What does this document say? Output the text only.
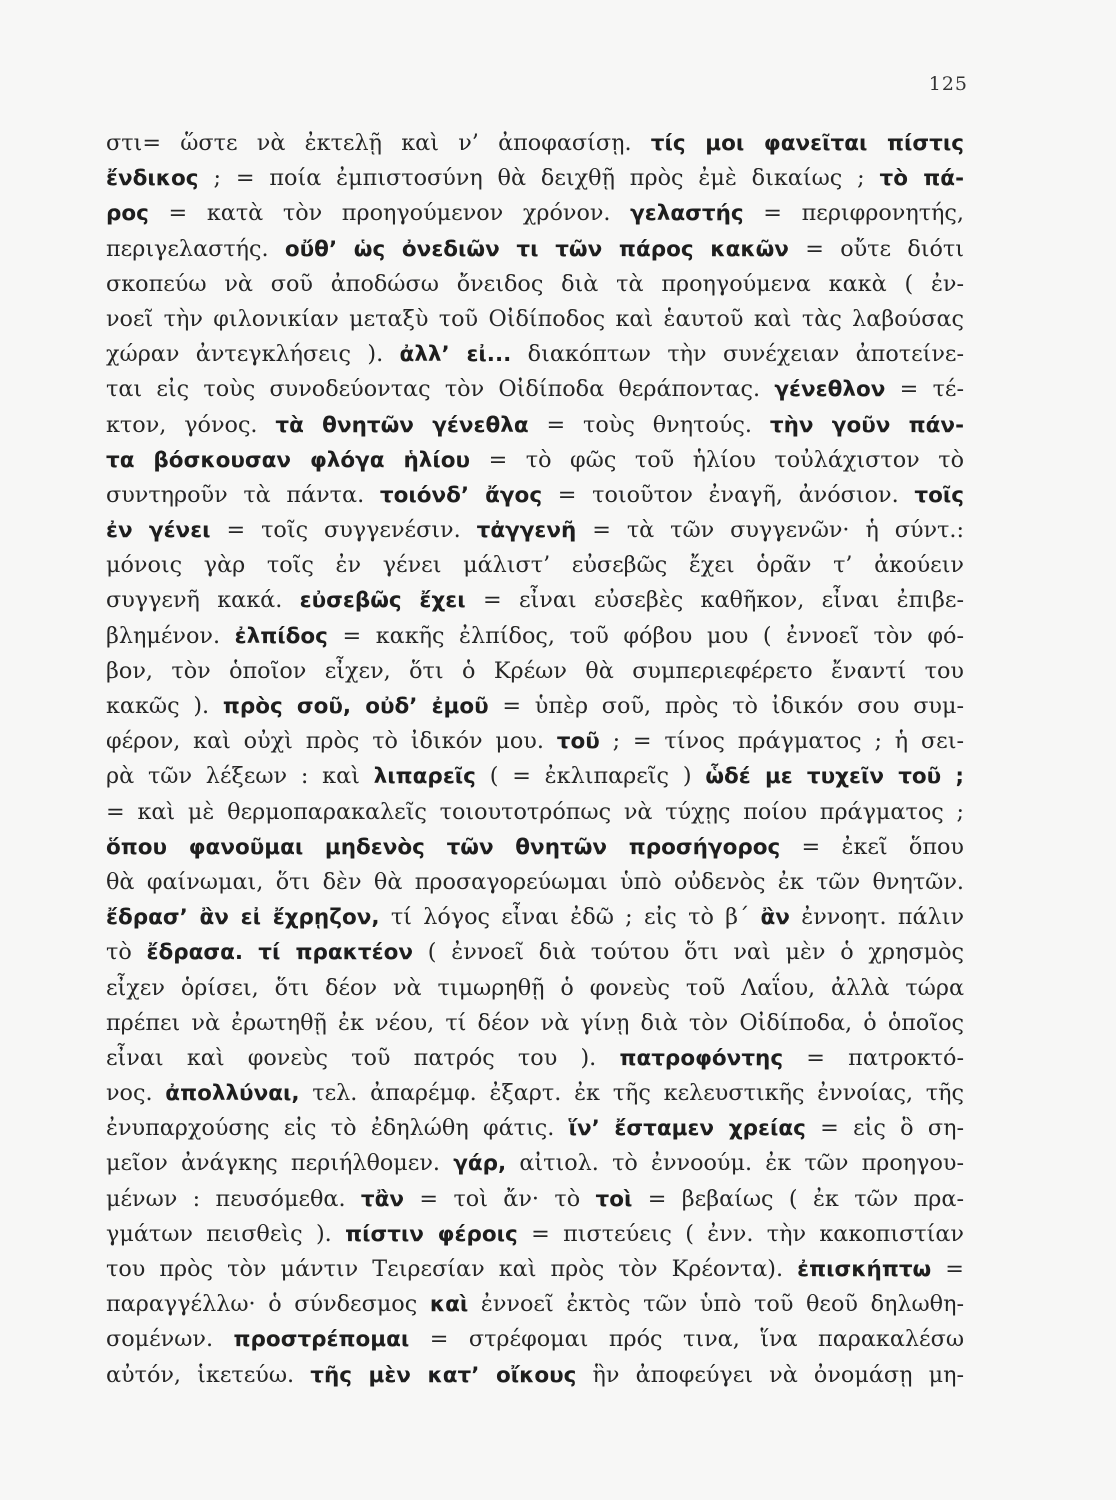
125
στι= ὥστε νὰ ἐκτελῇ καὶ ν’ ἀποφασίσῃ. τίς μοι φανεῖται πίστις
ἔνδικος ; = ποία ἐμπιστοσύνη θὰ δειχθῇ πρὸς ἐμὲ δικαίως ; τὸ πά-
ρος = κατὰ τὸν προηγούμενον χρόνον. γελαστής = περιφρονητής,
περιγελαστής. οὔθ’ ὡς ὀνεδιῶν τι τῶν πάρος κακῶν = οὔτε διότι
σκοπεύω νὰ σοῦ ἀποδώσω ὄνειδος διὰ τὰ προηγούμενα κακὰ ( ἐν-
νοεῖ τὴν φιλονικίαν μεταξὺ τοῦ Οἰδίποδος καὶ ἑαυτοῦ καὶ τὰς λαβούσας
χώραν ἀντεγκλήσεις ). ἀλλ’ εἰ... διακόπτων τὴν συνέχειαν ἀποτείνε-
ται εἰς τοὺς συνοδεύοντας τὸν Οἰδίποδα θεράποντας. γένεθλον = τέ-
κτον, γόνος. τὰ θνητῶν γένεθλα = τοὺς θνητούς. τὴν γοῦν πάν-
τα βόσκουσαν φλόγα ἡλίου = τὸ φῶς τοῦ ἡλίου τοὐλάχιστον τὸ
συντηροῦν τὰ πάντα. τοιόνδ’ ἄγος = τοιοῦτον ἐναγῆ, ἀνόσιον. τοῖς
ἐν γένει = τοῖς συγγενέσιν. τἀγγενῆ = τὰ τῶν συγγενῶν· ἡ σύντ.:
μόνοις γὰρ τοῖς ἐν γένει μάλιστ’ εὐσεβῶς ἔχει ὁρᾶν τ’ ἀκούειν
συγγενῆ κακά. εὐσεβῶς ἔχει = εἶναι εὐσεβὲς καθῆκον, εἶναι ἐπιβε-
βλημένον. ἐλπίδος = κακῆς ἐλπίδος, τοῦ φόβου μου ( ἐννοεῖ τὸν φό-
βον, τὸν ὁποῖον εἶχεν, ὅτι ὁ Κρέων θὰ συμπεριεφέρετο ἔναντί του
κακῶς ). πρὸς σοῦ, οὐδ’ ἐμοῦ = ὑπὲρ σοῦ, πρὸς τὸ ἰδικόν σου συμ-
φέρον, καὶ οὐχὶ πρὸς τὸ ἰδικόν μου. τοῦ ; = τίνος πράγματος ; ἡ σει-
ρὰ τῶν λέξεων : καὶ λιπαρεῖς ( = ἐκλιπαρεῖς ) ὧδέ με τυχεῖν τοῦ ;
= καὶ μὲ θερμοπαρακαλεῖς τοιουτοτρόπως νὰ τύχῃς ποίου πράγματος ;
ὅπου φανοῦμαι μηδενὸς τῶν θνητῶν προσήγορος = ἐκεῖ ὅπου
θὰ φαίνωμαι, ὅτι δὲν θὰ προσαγορεύωμαι ὑπὸ οὐδενὸς ἐκ τῶν θνητῶν.
ἔδρασ’ ἂν εἰ ἔχρῃζον, τί λόγος εἶναι ἐδῶ ; εἰς τὸ β΄ ἂν ἐννοητ. πάλιν
τὸ ἔδρασα. τί πρακτέον ( ἐννοεῖ διὰ τούτου ὅτι ναὶ μὲν ὁ χρησμὸς
εἶχεν ὁρίσει, ὅτι δέον νὰ τιμωρηθῇ ὁ φονεὺς τοῦ Λαΐου, ἀλλὰ τώρα
πρέπει νὰ ἐρωτηθῇ ἐκ νέου, τί δέον νὰ γίνῃ διὰ τὸν Οἰδίποδα, ὁ ὁποῖος
εἶναι καὶ φονεὺς τοῦ πατρός του ). πατροφόντης = πατροκτό-
νος. ἀπολλύναι, τελ. ἀπαρέμφ. ἐξαρτ. ἐκ τῆς κελευστικῆς ἐννοίας, τῆς
ἐνυπαρχούσης εἰς τὸ ἐδηλώθη φάτις. ἵν’ ἔσταμεν χρείας = εἰς ὃ ση-
μεῖον ἀνάγκης περιήλθομεν. γάρ, αἰτιολ. τὸ ἐννοούμ. ἐκ τῶν προηγου-
μένων : πευσόμεθα. τἂν = τοὶ ἄν· τὸ τοὶ = βεβαίως ( ἐκ τῶν πρα-
γμάτων πεισθεὶς ). πίστιν φέροις = πιστεύεις ( ἐνν. τὴν κακοπιστίαν
του πρὸς τὸν μάντιν Τειρεσίαν καὶ πρὸς τὸν Κρέοντα). ἐπισκήπτω =
παραγγέλλω· ὁ σύνδεσμος καὶ ἐννοεῖ ἐκτὸς τῶν ὑπὸ τοῦ θεοῦ δηλωθη-
σομένων. προστρέπομαι = στρέφομαι πρός τινα, ἵνα παρακαλέσω
αὐτόν, ἱκετεύω. τῆς μὲν κατ’ οἴκους ἣν ἀποφεύγει νὰ ὀνομάσῃ μη-
